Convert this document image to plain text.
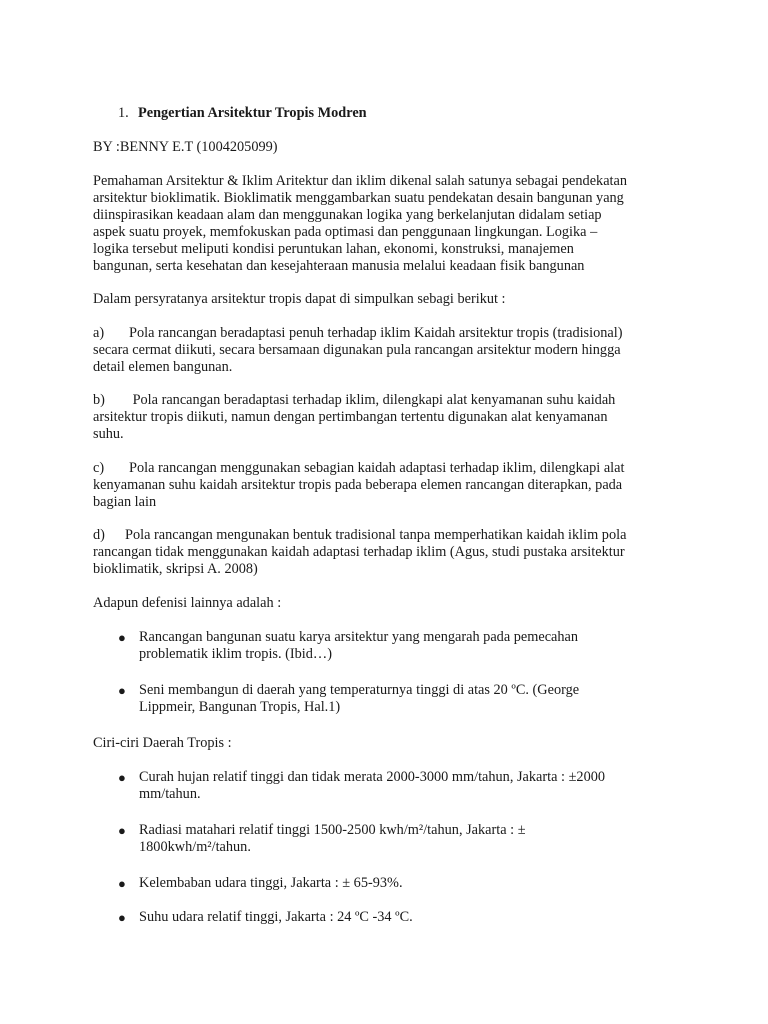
1. Pengertian Arsitektur Tropis Modren
BY :BENNY E.T (1004205099)
Pemahaman Arsitektur & Iklim Aritektur dan iklim dikenal salah satunya sebagai pendekatan
arsitektur bioklimatik. Bioklimatik menggambarkan suatu pendekatan desain bangunan yang
diinspirasikan keadaan alam dan menggunakan logika yang berkelanjutan didalam setiap
aspek suatu proyek, memfokuskan pada optimasi dan penggunaan lingkungan. Logika –
logika tersebut meliputi kondisi peruntukan lahan, ekonomi, konstruksi, manajemen
bangunan, serta kesehatan dan kesejahteraan manusia melalui keadaan fisik bangunan
Dalam persyratanya arsitektur tropis dapat di simpulkan sebagi berikut :
a) Pola rancangan beradaptasi penuh terhadap iklim Kaidah arsitektur tropis (tradisional)
secara cermat diikuti, secara bersamaan digunakan pula rancangan arsitektur modern hingga
detail elemen bangunan.
b) Pola rancangan beradaptasi terhadap iklim, dilengkapi alat kenyamanan suhu kaidah
arsitektur tropis diikuti, namun dengan pertimbangan tertentu digunakan alat kenyamanan
suhu.
c) Pola rancangan menggunakan sebagian kaidah adaptasi terhadap iklim, dilengkapi alat
kenyamanan suhu kaidah arsitektur tropis pada beberapa elemen rancangan diterapkan, pada
bagian lain
d) Pola rancangan mengunakan bentuk tradisional tanpa memperhatikan kaidah iklim pola
rancangan tidak menggunakan kaidah adaptasi terhadap iklim (Agus, studi pustaka arsitektur
bioklimatik, skripsi A. 2008)
Adapun defenisi lainnya adalah :
● Rancangan bangunan suatu karya arsitektur yang mengarah pada pemecahan
problematik iklim tropis. (Ibid…)
● Seni membangun di daerah yang temperaturnya tinggi di atas 20 ºC. (George
Lippmeir, Bangunan Tropis, Hal.1)
Ciri-ciri Daerah Tropis :
● Curah hujan relatif tinggi dan tidak merata 2000-3000 mm/tahun, Jakarta : ±2000
mm/tahun.
● Radiasi matahari relatif tinggi 1500-2500 kwh/m²/tahun, Jakarta : ±
1800kwh/m²/tahun.
● Kelembaban udara tinggi, Jakarta : ± 65-93%.
● Suhu udara relatif tinggi, Jakarta : 24 ºC -34 ºC.
